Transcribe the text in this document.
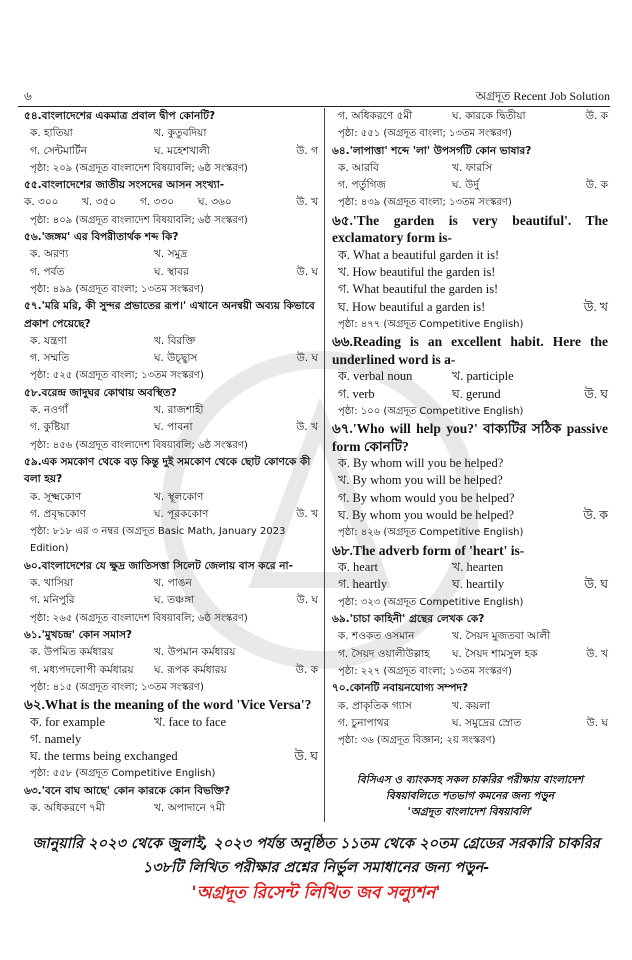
৬	অগ্রদূত Recent Job Solution
৫৪.বাংলাদেশের একমাত্র প্রবাল দ্বীপ কোনটি?
ক. হাতিয়া	খ. কুতুবদিয়া
গ. সেন্টমার্টিন	ঘ. মহেশখালী	উ. গ
পৃষ্ঠা: ২০৯ (অগ্রদূত বাংলাদেশ বিষয়াবলি; ৬ষ্ঠ সংস্করণ)
৫৫.বাংলাদেশের জাতীয় সংসদের আসন সংখ্যা-
ক. ৩০০ খ. ৩৫০ গ. ৩৩০ ঘ. ৩৬০	উ. খ
পৃষ্ঠা: ৪০৯ (অগ্রদূত বাংলাদেশ বিষয়াবলি; ৬ষ্ঠ সংস্করণ)
৫৬.'জঙ্গম' এর বিপরীতার্থক শব্দ কি?
ক. অরণ্য	খ. সমুদ্র
গ. পর্বত	ঘ. স্থাবর	উ. ঘ
পৃষ্ঠা: ৪৯৯ (অগ্রদূত বাংলা; ১৩তম সংস্করণ)
৫৭.'মরি মরি, কী সুন্দর প্রভাতের রূপ।' এখানে অনন্বয়ী অব্যয় কিভাবে প্রকাশ পেয়েছে?
ক. যন্ত্রণা	খ. বিরক্তি
গ. সম্মতি	ঘ. উচ্ছ্বাস	উ. ঘ
পৃষ্ঠা: ৫২৫ (অগ্রদূত বাংলা; ১৩তম সংস্করণ)
৫৮.বরেন্দ্র জাদুঘর কোথায় অবস্থিত?
ক. নওগাঁ	খ. রাজশাহী
গ. কুষ্টিয়া	ঘ. পাবনা	উ. খ
পৃষ্ঠা: ৪৫৬ (অগ্রদূত বাংলাদেশ বিষয়াবলি; ৬ষ্ঠ সংস্করণ)
৫৯.এক সমকোণ থেকে বড় কিন্তু দুই সমকোণ থেকে ছোট কোণকে কী বলা হয়?
ক. সূক্ষ্মকোণ	খ. স্থূলকোণ
গ. প্রবৃদ্ধকোণ	ঘ. পূরককোণ	উ. খ
পৃষ্ঠা: ৮১৮ এর ৩ নম্বর (অগ্রদূত Basic Math, January 2023 Edition)
৬০.বাংলাদেশের যে ক্ষুদ্র জাতিসত্তা সিলেট জেলায় বাস করে না-
ক. খাসিয়া	খ. পাঙন
গ. মনিপুরি	ঘ. তঞ্চঙ্গা	উ. ঘ
পৃষ্ঠা: ২৬৫ (অগ্রদূত বাংলাদেশ বিষয়াবলি; ৬ষ্ঠ সংস্করণ)
৬১.'মুখচন্দ্র' কোন সমাস?
ক. উপমিত কর্মধারয়	খ. উপমান কর্মধারয়
গ. মধ্যপদলোপী কর্মধারয় ঘ. রূপক কর্মধারয়	উ. ক
পৃষ্ঠা: ৪১৫ (অগ্রদূত বাংলা; ১৩তম সংস্করণ)
৬২.What is the meaning of the word 'Vice Versa'?
ক. for example	খ. face to face
গ. namely
ঘ. the terms being exchanged	উ. ঘ
পৃষ্ঠা: ৫৫৮ (অগ্রদূত Competitive English)
৬৩.'বনে বাঘ আছে' কোন কারকে কোন বিভক্তি?
ক. অধিকরণে ৭মী	খ. অপাদানে ৭মী
গ. অধিকরণে ৫মী	ঘ. কারকে দ্বিতীয়া	উ. ক
পৃষ্ঠা: ৫৫১ (অগ্রদূত বাংলা; ১৩তম সংস্করণ)
৬৪.'লাপাত্তা' শব্দে 'লা' উপসর্গটি কোন ভাষার?
ক. আরবি	খ. ফারসি
গ. পর্তুগিজ	ঘ. উর্দু	উ. ক
পৃষ্ঠা: ৪৩৯ (অগ্রদূত বাংলা; ১৩তম সংস্করণ)
৬৫.'The garden is very beautiful'. The exclamatory form is-
ক. What a beautiful garden it is!
খ. How beautiful the garden is!
গ. What beautiful the garden is!
ঘ. How beautiful a garden is!	উ. খ
পৃষ্ঠা: ৪৭৭ (অগ্রদূত Competitive English)
৬৬.Reading is an excellent habit. Here the underlined word is a-
ক. verbal noun	খ. participle
গ. verb	ঘ. gerund	উ. ঘ
পৃষ্ঠা: ১০০ (অগ্রদূত Competitive English)
৬৭.'Who will help you?' বাক্যটির সঠিক passive form কোনটি?
ক. By whom will you be helped?
খ. By whom you will be helped?
গ. By whom would you be helped?
ঘ. By whom you would be helped?	উ. ক
পৃষ্ঠা: ৪২৬ (অগ্রদূত Competitive English)
৬৮.The adverb form of 'heart' is-
ক. heart	খ. hearten
গ. heartly	ঘ. heartily	উ. ঘ
পৃষ্ঠা: ৩২৩ (অগ্রদূত Competitive English)
৬৯.'চাচা কাহিনী' গ্রন্থের লেখক কে?
ক. শওকত ওসমান	খ. সৈয়দ মুজতবা আলী
গ. সৈয়দ ওয়ালীউল্লাহ ঘ. সৈয়দ শামসুল হক	উ. খ
পৃষ্ঠা: ২২৭ (অগ্রদূত বাংলা; ১৩তম সংস্করণ)
৭০.কোনটি নবায়নযোগ্য সম্পদ?
ক. প্রাকৃতিক গ্যাস	খ. কয়লা
গ. চুনাপাথর	ঘ. সমুদ্রের স্রোত	উ. ঘ
পৃষ্ঠা: ৩৬ (অগ্রদূত বিজ্ঞান; ২য় সংস্করণ)
বিসিএস ও ব্যাংকসহ সকল চাকরির পরীক্ষায় বাংলাদেশ
বিষয়াবলিতে শতভাগ কমনের জন্য পড়ুন
'অগ্রদূত বাংলাদেশ বিষয়াবলি'
জানুয়ারি ২০২৩ থেকে জুলাই, ২০২৩ পর্যন্ত অনুষ্ঠিত ১১তম থেকে ২০তম গ্রেডের সরকারি চাকরির
১৩৮টি লিখিত পরীক্ষার প্রশ্নের নির্ভুল সমাধানের জন্য পড়ুন-
'অগ্রদূত রিসেন্ট লিখিত জব সল্যুশন'
